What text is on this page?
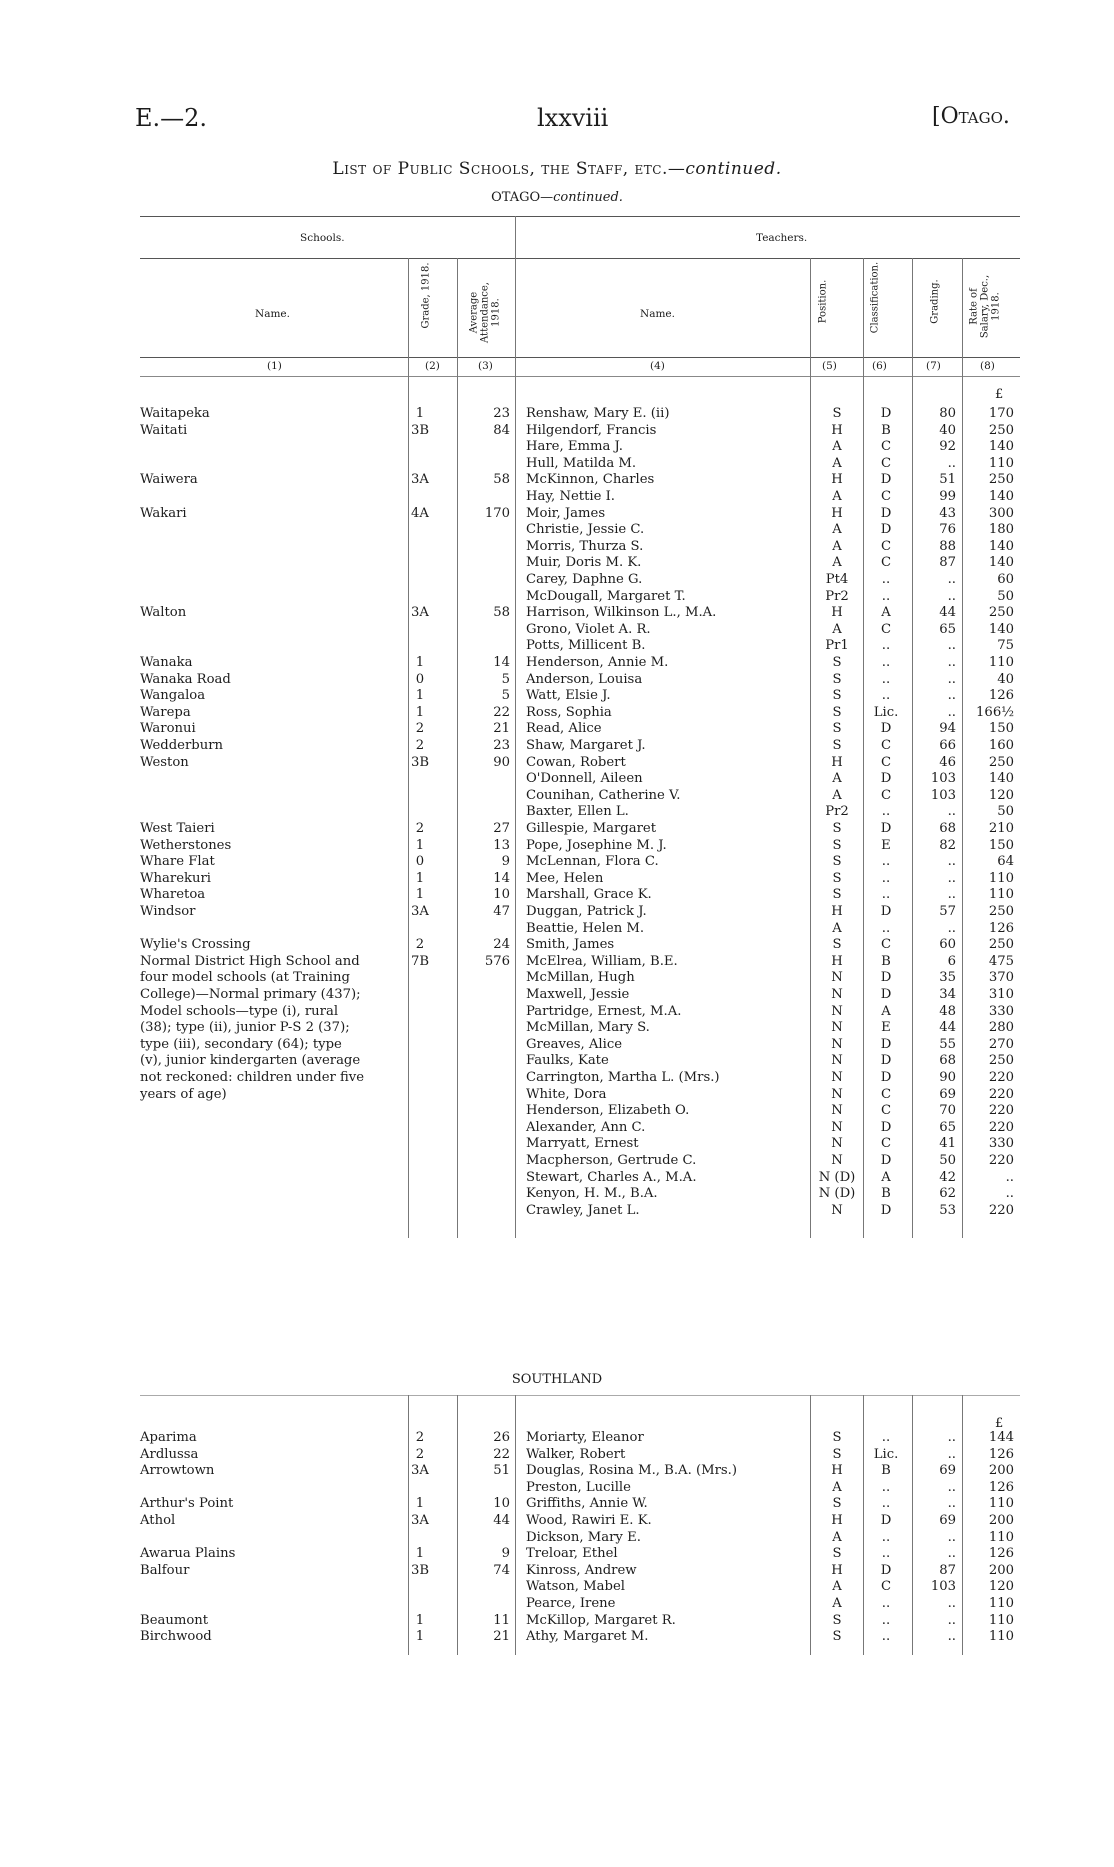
E.—2.	lxxviii	[Otago.
List of Public Schools, the Staff, etc.—continued.
OTAGO—continued.
Schools.	Teachers.
Name.	Grade, 1918.	Average Attendance, 1918.	Name.	Position.	Classification.	Grading.	Rate of Salary, Dec., 1918.
(1)	(2)	(3)	(4)	(5)	(6)	(7)	(8)
£
Waitapeka	1	23 Renshaw, Mary E. (ii)	S	D	80	170
Waitati	3B	84 Hilgendorf, Francis	H	B	40	250
Hare, Emma J.	A	C	92	140
Hull, Matilda M.	A	C	..	110
Waiwera	3A	58 McKinnon, Charles	H	D	51	250
Hay, Nettie I.	A	C	99	140
Wakari	4A	170 Moir, James	H	D	43	300
Christie, Jessie C.	A	D	76	180
Morris, Thurza S.	A	C	88	140
Muir, Doris M. K.	A	C	87	140
Carey, Daphne G.	Pt4	..	..	60
McDougall, Margaret T.	Pr2	..	..	50
Walton	3A	58 Harrison, Wilkinson L., M.A.	H	A	44	250
Grono, Violet A. R.	A	C	65	140
Potts, Millicent B.	Pr1	..	..	75
Wanaka	1	14 Henderson, Annie M.	S	..	..	110
Wanaka Road	0	5 Anderson, Louisa	S	..	..	40
Wangaloa	1	5 Watt, Elsie J.	S	..	..	126
Warepa	1	22 Ross, Sophia	S	Lic.	..	166½
Waronui	2	21 Read, Alice	S	D	94	150
Wedderburn	2	23 Shaw, Margaret J.	S	C	66	160
Weston	3B	90 Cowan, Robert	H	C	46	250
O'Donnell, Aileen	A	D	103	140
Counihan, Catherine V.	A	C	103	120
Baxter, Ellen L.	Pr2	..	..	50
West Taieri	2	27 Gillespie, Margaret	S	D	68	210
Wetherstones	1	13 Pope, Josephine M. J.	S	E	82	150
Whare Flat	0	9 McLennan, Flora C.	S	..	..	64
Wharekuri	1	14 Mee, Helen	S	..	..	110
Wharetoa	1	10 Marshall, Grace K.	S	..	..	110
Windsor	3A	47 Duggan, Patrick J.	H	D	57	250
Beattie, Helen M.	A	..	..	126
Wylie's Crossing	2	24 Smith, James	S	C	60	250
Normal District High School and	7B	576 McElrea, William, B.E.	H	B	6	475
four model schools (at Training	McMillan, Hugh	N	D	35	370
College)—Normal primary (437);	Maxwell, Jessie	N	D	34	310
Model schools—type (i), rural	Partridge, Ernest, M.A.	N	A	48	330
(38); type (ii), junior P-S 2 (37);	McMillan, Mary S.	N	E	44	280
type (iii), secondary (64); type	Greaves, Alice	N	D	55	270
(v), junior kindergarten (average	Faulks, Kate	N	D	68	250
not reckoned: children under five	Carrington, Martha L. (Mrs.)	N	D	90	220
years of age)	White, Dora	N	C	69	220
Henderson, Elizabeth O.	N	C	70	220
Alexander, Ann C.	N	D	65	220
Marryatt, Ernest	N	C	41	330
Macpherson, Gertrude C.	N	D	50	220
Stewart, Charles A., M.A.	N (D)	A	42	..
Kenyon, H. M., B.A.	N (D)	B	62	..
Crawley, Janet L.	N	D	53	220
SOUTHLAND
£
Aparima	2	26 Moriarty, Eleanor	S	..	..	144
Ardlussa	2	22 Walker, Robert	S	Lic.	..	126
Arrowtown	3A	51 Douglas, Rosina M., B.A. (Mrs.)	H	B	69	200
Preston, Lucille	A	..	..	126
Arthur's Point	1	10 Griffiths, Annie W.	S	..	..	110
Athol	3A	44 Wood, Rawiri E. K.	H	D	69	200
Dickson, Mary E.	A	..	..	110
Awarua Plains	1	9 Treloar, Ethel	S	..	..	126
Balfour	3B	74 Kinross, Andrew	H	D	87	200
Watson, Mabel	A	C	103	120
Pearce, Irene	A	..	..	110
Beaumont	1	11 McKillop, Margaret R.	S	..	..	110
Birchwood	1	21 Athy, Margaret M.	S	..	..	110
